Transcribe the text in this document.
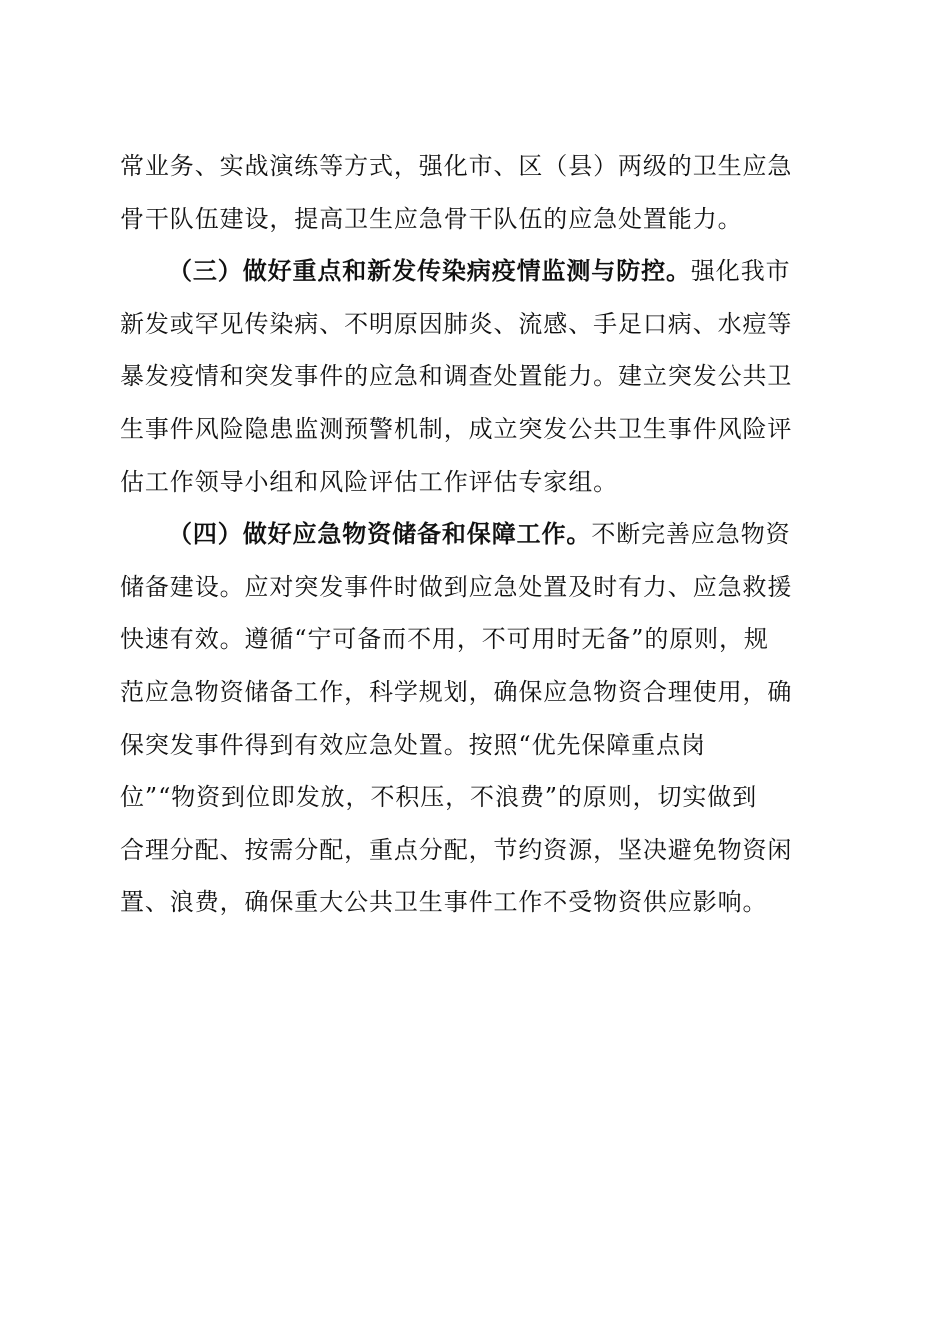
常业务、实战演练等方式，强化市、区（县）两级的卫生应急
骨干队伍建设，提高卫生应急骨干队伍的应急处置能力。
（三）做好重点和新发传染病疫情监测与防控。强化我市
新发或罕见传染病、不明原因肺炎、流感、手足口病、水痘等
暴发疫情和突发事件的应急和调查处置能力。建立突发公共卫
生事件风险隐患监测预警机制，成立突发公共卫生事件风险评
估工作领导小组和风险评估工作评估专家组。
（四）做好应急物资储备和保障工作。不断完善应急物资
储备建设。应对突发事件时做到应急处置及时有力、应急救援
快速有效。遵循“宁可备而不用，不可用时无备”的原则，规
范应急物资储备工作，科学规划，确保应急物资合理使用，确
保突发事件得到有效应急处置。按照“优先保障重点岗
位”“物资到位即发放，不积压，不浪费”的原则，切实做到
合理分配、按需分配，重点分配，节约资源，坚决避免物资闲
置、浪费，确保重大公共卫生事件工作不受物资供应影响。
